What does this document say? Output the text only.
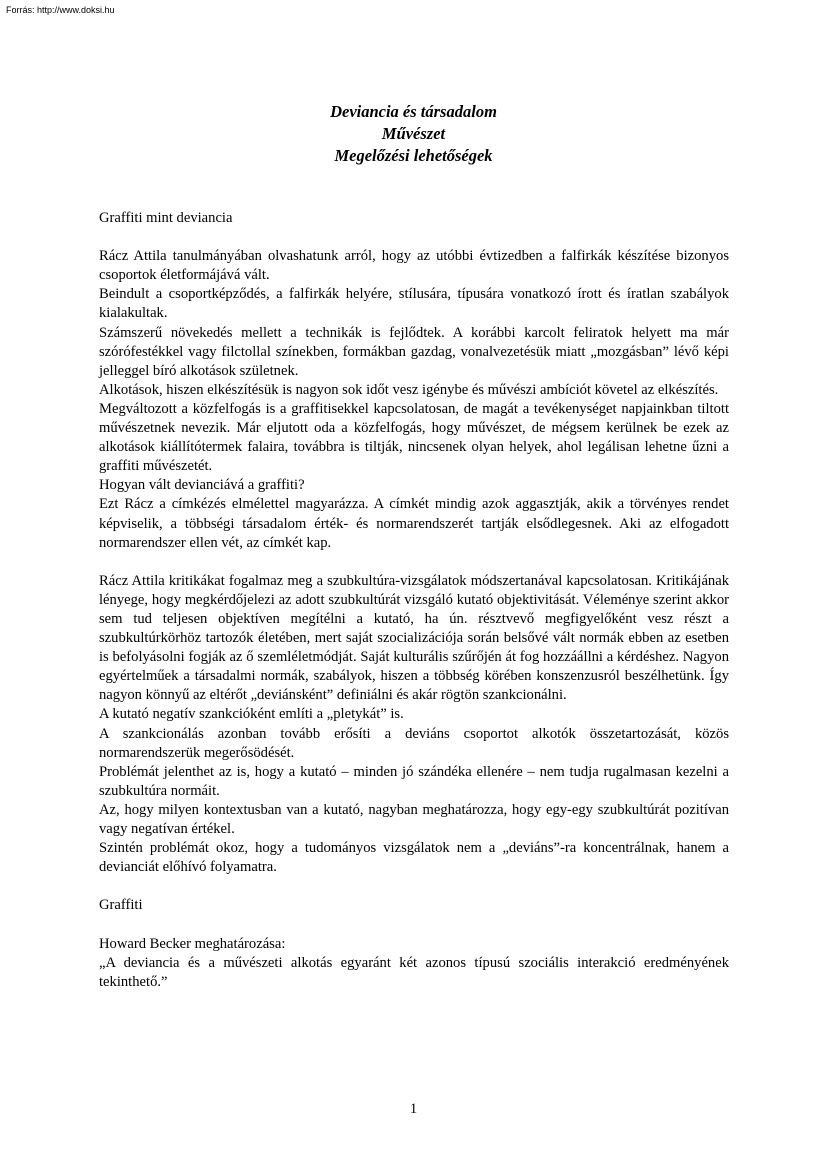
Forrás: http://www.doksi.hu
Deviancia és társadalom
Művészet
Megelőzési lehetőségek

Graffiti mint deviancia

Rácz Attila tanulmányában olvashatunk arról, hogy az utóbbi évtizedben a falfirkák készítése bizonyos csoportok életformájává vált.

Beindult a csoportképződés, a falfirkák helyére, stílusára, típusára vonatkozó írott és íratlan szabályok kialakultak.

Számszerű növekedés mellett a technikák is fejlődtek. A korábbi karcolt feliratok helyett ma már szórófestékkel vagy filctollal színekben, formákban gazdag, vonalvezetésük miatt „mozgásban” lévő képi jelleggel bíró alkotások születnek.

Alkotások, hiszen elkészítésük is nagyon sok időt vesz igénybe és művészi ambíciót követel az elkészítés.

Megváltozott a közfelfogás is a graffitisekkel kapcsolatosan, de magát a tevékenységet napjainkban tiltott művészetnek nevezik. Már eljutott oda a közfelfogás, hogy művészet, de mégsem kerülnek be ezek az alkotások kiállítótermek falaira, továbbra is tiltják, nincsenek olyan helyek, ahol legálisan lehetne űzni a graffiti művészetét.

Hogyan vált devianciává a graffiti?

Ezt Rácz a címkézés elmélettel magyarázza. A címkét mindig azok aggasztják, akik a törvényes rendet képviselik, a többségi társadalom érték- és normarendszerét tartják elsődlegesnek. Aki az elfogadott normarendszer ellen vét, az címkét kap.

Rácz Attila kritikákat fogalmaz meg a szubkultúra-vizsgálatok módszertanával kapcsolatosan. Kritikájának lényege, hogy megkérdőjelezi az adott szubkultúrát vizsgáló kutató objektivitását. Véleménye szerint akkor sem tud teljesen objektíven megítélni a kutató, ha ún. résztvevő megfigyelőként vesz részt a szubkultúrkörhöz tartozók életében, mert saját szocializációja során belsővé vált normák ebben az esetben is befolyásolni fogják az ő szemléletmódját. Saját kulturális szűrőjén át fog hozzáállni a kérdéshez. Nagyon egyértelműek a társadalmi normák, szabályok, hiszen a többség körében konszenzusról beszélhetünk. Így nagyon könnyű az eltérőt „deviánsként” definiálni és akár rögtön szankcionálni.

A kutató negatív szankcióként említi a „pletykát” is.

A szankcionálás azonban tovább erősíti a deviáns csoportot alkotók összetartozását, közös normarendszerük megerősödését.

Problémát jelenthet az is, hogy a kutató – minden jó szándéka ellenére – nem tudja rugalmasan kezelni a szubkultúra normáit.

Az, hogy milyen kontextusban van a kutató, nagyban meghatározza, hogy egy-egy szubkultúrát pozitívan vagy negatívan értékel.

Szintén problémát okoz, hogy a tudományos vizsgálatok nem a „deviáns”-ra koncentrálnak, hanem a devianciát előhívó folyamatra.

Graffiti

Howard Becker meghatározása:

„A deviancia és a művészeti alkotás egyaránt két azonos típusú szociális interakció eredményének tekinthető.”

1
